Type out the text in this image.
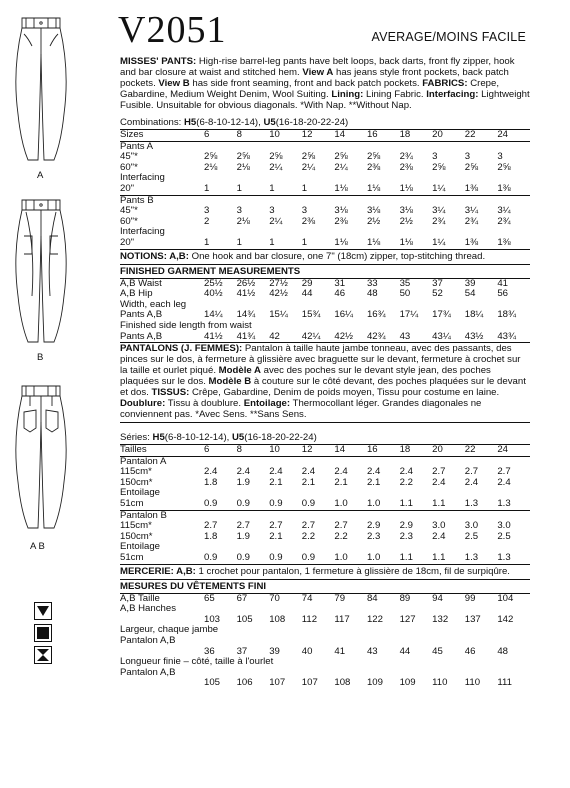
V2051	AVERAGE/MOINS FACILE
A
B
A B

MISSES' PANTS: High-rise barrel-leg pants have belt loops, back darts, front fly zipper, hook and bar closure at waist and stitched hem. View A has jeans style front pockets, back patch pockets. View B has side front seaming, front and back patch pockets. FABRICS: Crepe, Gabardine, Medium Weight Denim, Wool Suiting. Lining: Lining Fabric. Interfacing: Lightweight Fusible. Unsuitable for obvious diagonals. *With Nap. **Without Nap.

Combinations: H5(6-8-10-12-14), U5(16-18-20-22-24)
Sizes	6	8	10	12	14	16	18	20	22	24
Pants A										
45"*	2⅝	2⅝	2⅝	2⅝	2⅝	2⅝	2¾	3	3	3
60"*	2⅛	2⅛	2¼	2¼	2¼	2⅜	2⅜	2⅝	2⅝	2⅝
Interfacing										
20"	1	1	1	1	1⅛	1⅛	1⅛	1¼	1⅜	1⅜
Pants B										
45"*	3	3	3	3	3⅛	3⅛	3⅛	3¼	3¼	3¼
60"*	2	2⅛	2¼	2⅜	2⅜	2½	2½	2¾	2¾	2¾
Interfacing										
20"	1	1	1	1	1⅛	1⅛	1⅛	1¼	1⅜	1⅜
NOTIONS: A,B: One hook and bar closure, one 7" (18cm) zipper, top-stitching thread.
FINISHED GARMENT MEASUREMENTS
A,B Waist	25½	26½	27½	29	31	33	35	37	39	41
A,B Hip	40½	41½	42½	44	46	48	50	52	54	56
Width, each leg										
Pants A,B	14¼	14¾	15¼	15¾	16¼	16¾	17¼	17¾	18¼	18¾
Finished side length from waist										
Pants A,B	41½	41¾	42	42¼	42½	42¾	43	43¼	43½	43¾

PANTALONS (J. FEMMES): Pantalon à taille haute jambe tonneau, avec des passants, des pinces sur le dos, à fermeture à glissière avec braguette sur le devant, fermeture à crochet sur la taille et ourlet piqué. Modèle A avec des poches sur le devant style jean, des poches plaquées sur le dos. Modèle B à couture sur le côté devant, des poches plaquées sur le devant et dos. TISSUS: Crêpe, Gabardine, Denim de poids moyen, Tissu pour costume en laine. Doublure: Tissu à doublure. Entoilage: Thermocollant léger. Grandes diagonales ne conviennent pas. *Avec Sens. **Sans Sens.

Séries: H5(6-8-10-12-14), U5(16-18-20-22-24)
Tailles	6	8	10	12	14	16	18	20	22	24
Pantalon A										
115cm*	2.4	2.4	2.4	2.4	2.4	2.4	2.4	2.7	2.7	2.7
150cm*	1.8	1.9	2.1	2.1	2.1	2.1	2.2	2.4	2.4	2.4
Entoilage										
51cm	0.9	0.9	0.9	0.9	1.0	1.0	1.1	1.1	1.3	1.3
Pantalon B										
115cm*	2.7	2.7	2.7	2.7	2.7	2.9	2.9	3.0	3.0	3.0
150cm*	1.8	1.9	2.1	2.2	2.2	2.3	2.3	2.4	2.5	2.5
Entoilage										
51cm	0.9	0.9	0.9	0.9	1.0	1.0	1.1	1.1	1.3	1.3
MERCERIE: A,B: 1 crochet pour pantalon, 1 fermeture à glissière de 18cm, fil de surpiqûre.
MESURES DU VÊTEMENTS FINI
A,B Taille	65	67	70	74	79	84	89	94	99	104
A,B Hanches										
	103	105	108	112	117	122	127	132	137	142
Largeur, chaque jambe										
Pantalon A,B										
	36	37	39	40	41	43	44	45	46	48
Longueur finie – côté, taille à l'ourlet										
Pantalon A,B										
	105	106	107	107	108	109	109	110	110	111
